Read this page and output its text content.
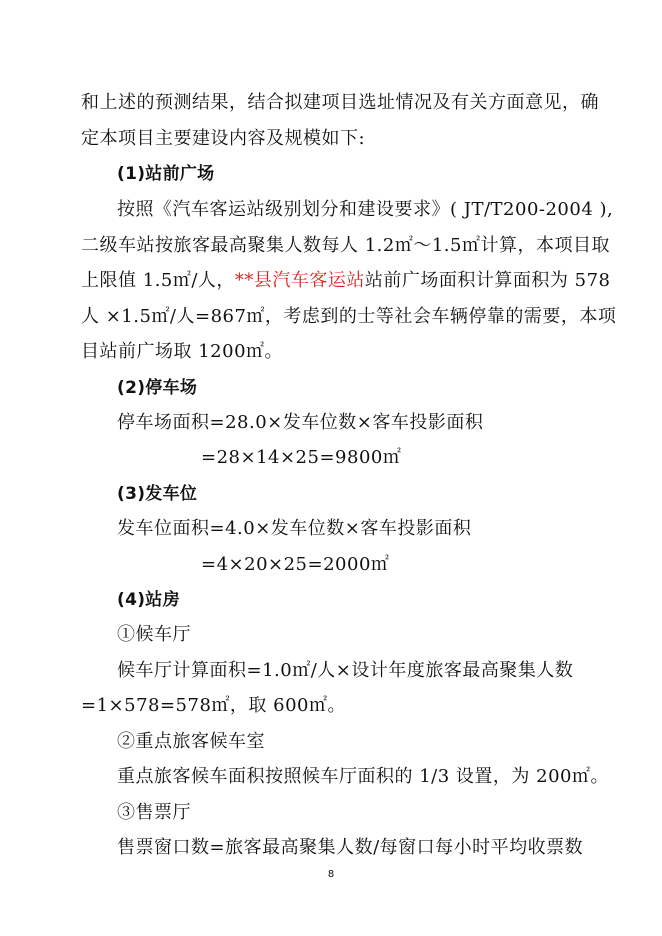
和上述的预测结果，结合拟建项目选址情况及有关方面意见，确
定本项目主要建设内容及规模如下:
(1)站前广场
按照《汽车客运站级别划分和建设要求》( JT/T200-2004 ),
二级车站按旅客最高聚集人数每人 1.2㎡～1.5㎡计算，本项目取
上限值 1.5㎡/人，**县汽车客运站站前广场面积计算面积为 578
人 ×1.5㎡/人=867㎡，考虑到的士等社会车辆停靠的需要，本项
目站前广场取 1200㎡。
(2)停车场
停车场面积=28.0×发车位数×客车投影面积
=28×14×25=9800㎡
(3)发车位
发车位面积=4.0×发车位数×客车投影面积
=4×20×25=2000㎡
(4)站房
①候车厅
候车厅计算面积=1.0㎡/人×设计年度旅客最高聚集人数
=1×578=578㎡，取 600㎡。
②重点旅客候车室
重点旅客候车面积按照候车厅面积的 1/3 设置，为 200㎡。
③售票厅
售票窗口数=旅客最高聚集人数/每窗口每小时平均收票数
8
